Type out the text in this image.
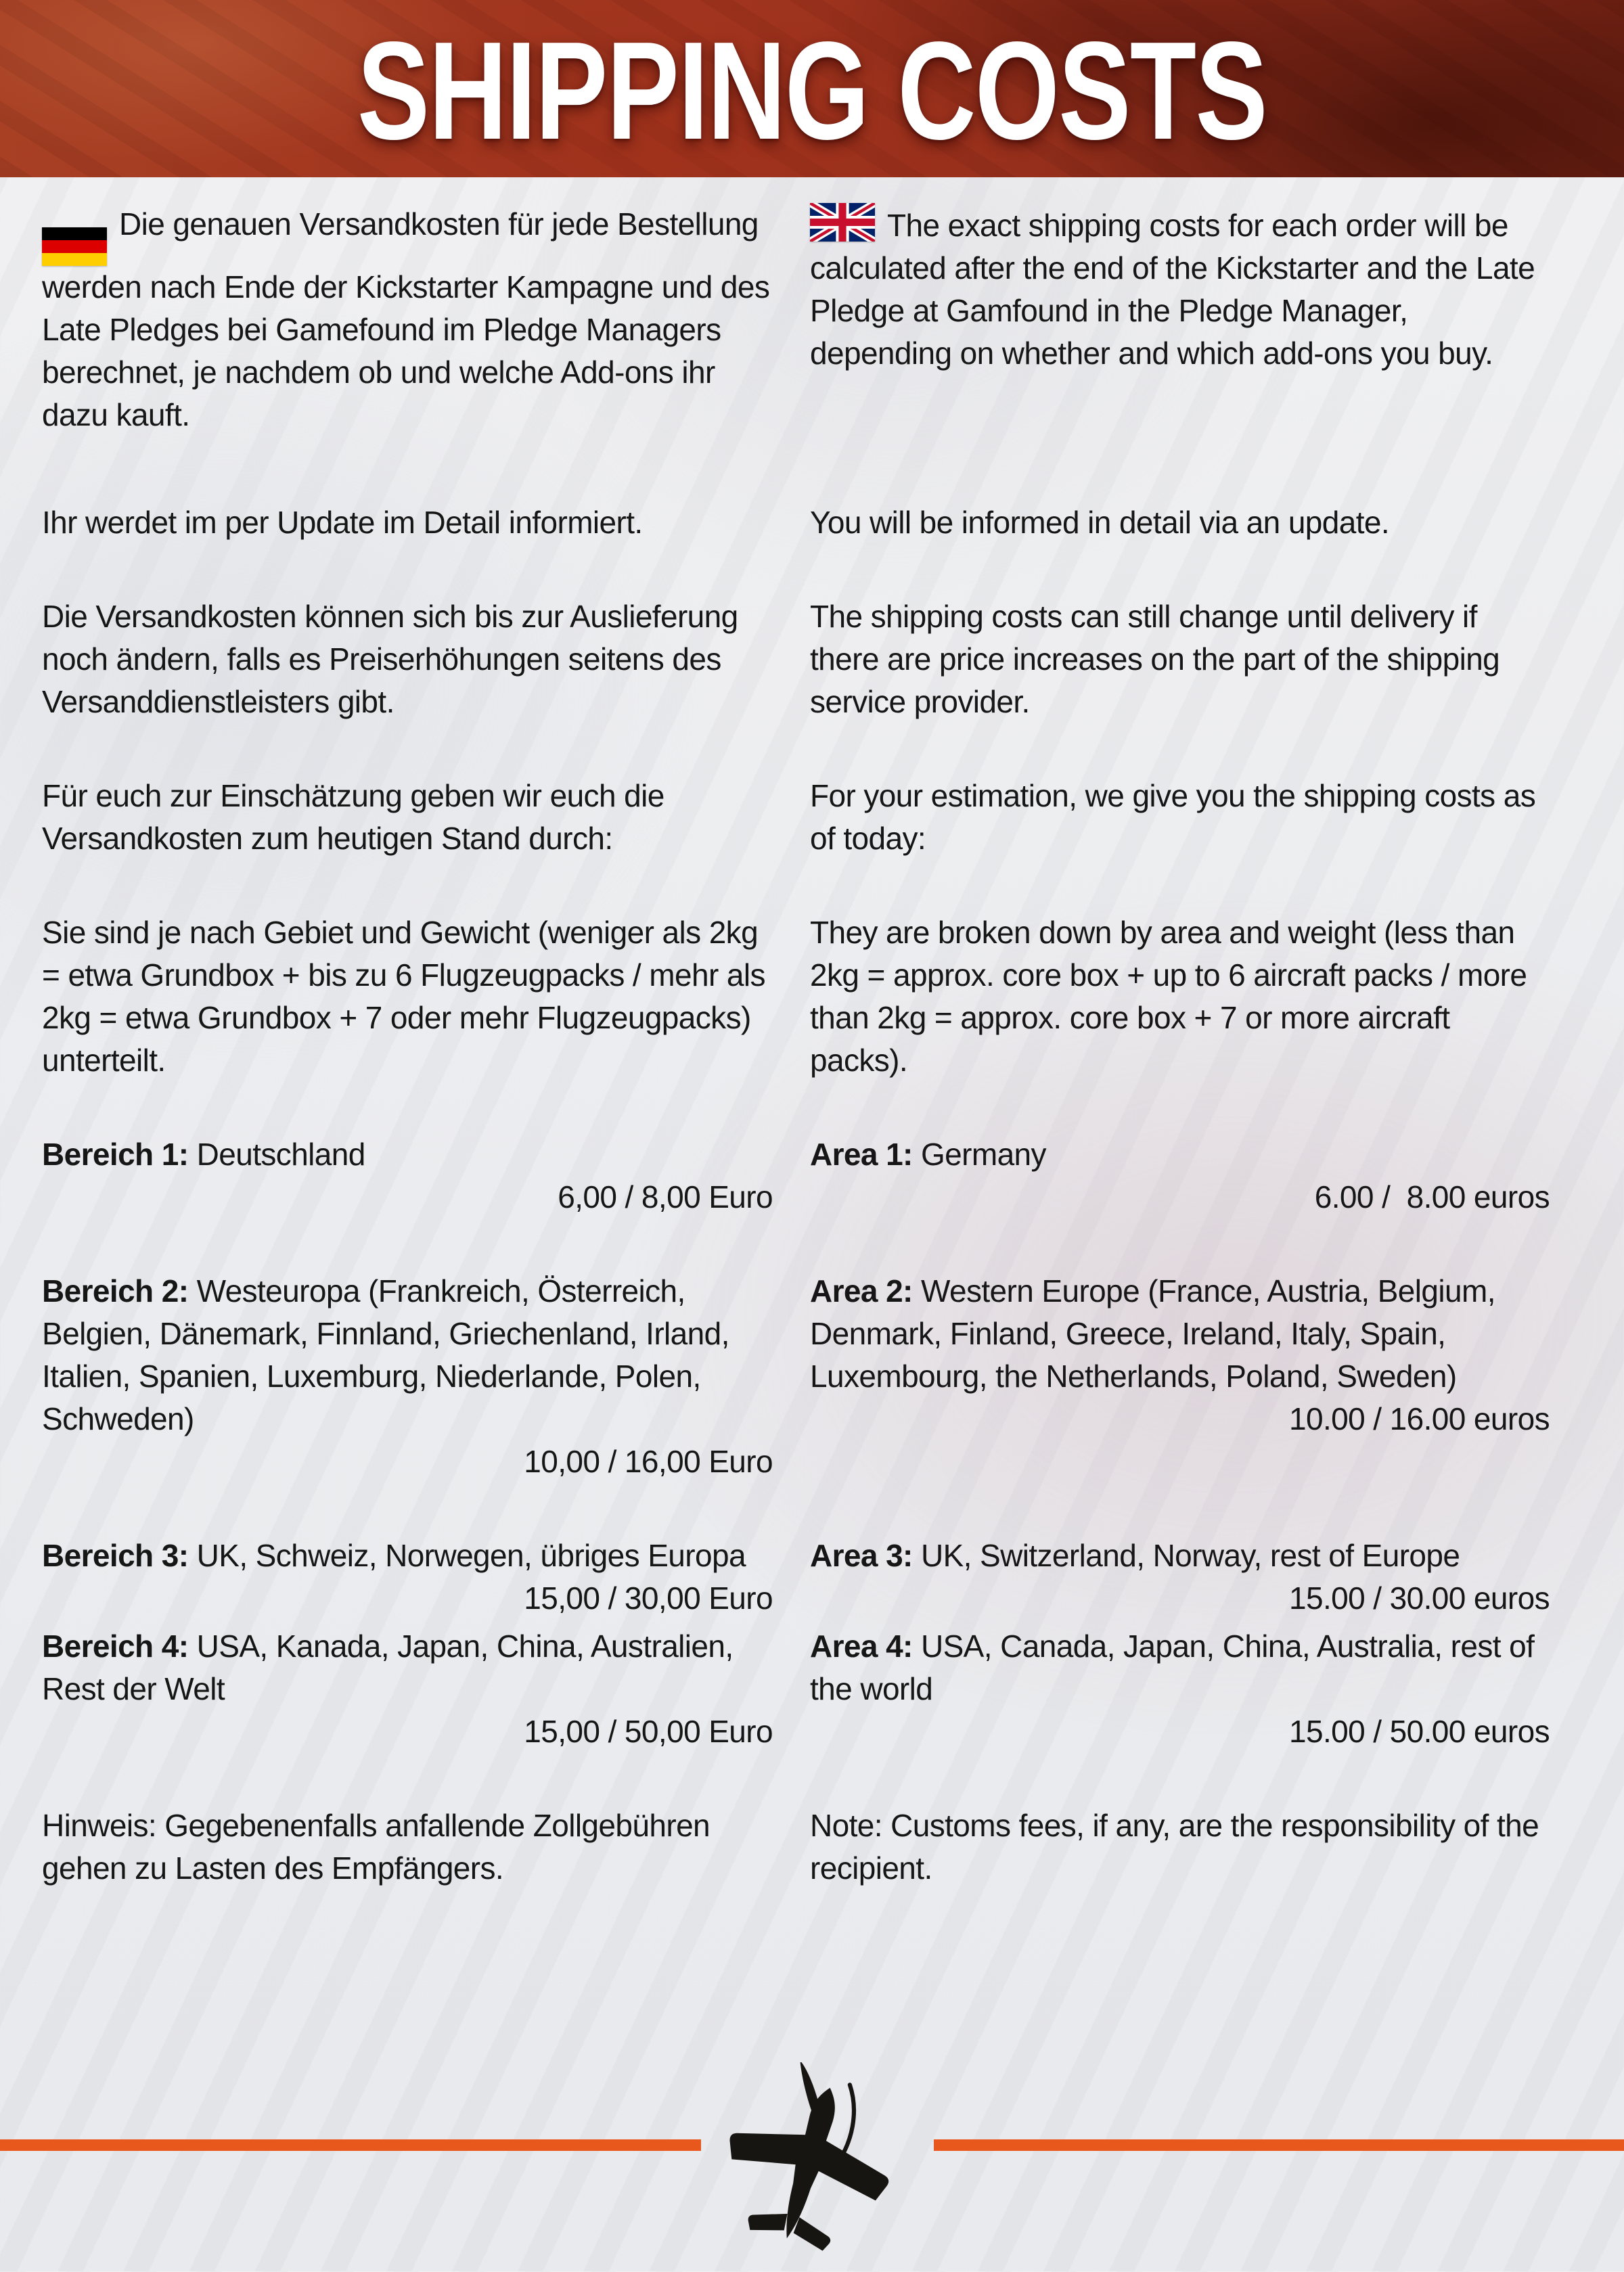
SHIPPING COSTS

Die genauen Versandkosten für jede Bestellung werden nach Ende der Kickstarter Kampagne und des Late Pledges bei Gamefound im Pledge Managers berechnet, je nachdem ob und welche Add-ons ihr dazu kauft.

The exact shipping costs for each order will be calculated after the end of the Kickstarter and the Late Pledge at Gamfound in the Pledge Manager, depending on whether and which add-ons you buy.

Ihr werdet im per Update im Detail informiert.	You will be informed in detail via an update.

Die Versandkosten können sich bis zur Auslieferung noch ändern, falls es Preiserhöhungen seitens des Versanddienstleisters gibt.

The shipping costs can still change until delivery if there are price increases on the part of the shipping service provider.

Für euch zur Einschätzung geben wir euch die Versandkosten zum heutigen Stand durch:

For your estimation, we give you the shipping costs as of today:

Sie sind je nach Gebiet und Gewicht (weniger als 2kg = etwa Grundbox + bis zu 6 Flugzeugpacks / mehr als 2kg = etwa Grundbox + 7 oder mehr Flugzeugpacks) unterteilt.

They are broken down by area and weight (less than 2kg = approx. core box + up to 6 aircraft packs / more than 2kg = approx. core box + 7 or more aircraft packs).

Bereich 1: Deutschland

6,00 / 8,00 Euro

Area 1: Germany

6.00 /  8.00 euros

Bereich 2: Westeuropa (Frankreich, Österreich, Belgien, Dänemark, Finnland, Griechenland, Irland, Italien, Spanien, Luxemburg, Niederlande, Polen, Schweden)

10,00 / 16,00 Euro

Area 2: Western Europe (France, Austria, Belgium, Denmark, Finland, Greece, Ireland, Italy, Spain, Luxembourg, the Netherlands, Poland, Sweden)

10.00 / 16.00 euros

Bereich 3: UK, Schweiz, Norwegen, übriges Europa

15,00 / 30,00 Euro

Area 3: UK, Switzerland, Norway, rest of Europe

15.00 / 30.00 euros

Bereich 4: USA, Kanada, Japan, China, Australien, Rest der Welt

15,00 / 50,00 Euro

Area 4: USA, Canada, Japan, China, Australia, rest of the world

15.00 / 50.00 euros

Hinweis: Gegebenenfalls anfallende Zollgebühren gehen zu Lasten des Empfängers.

Note: Customs fees, if any, are the responsibility of the recipient.
